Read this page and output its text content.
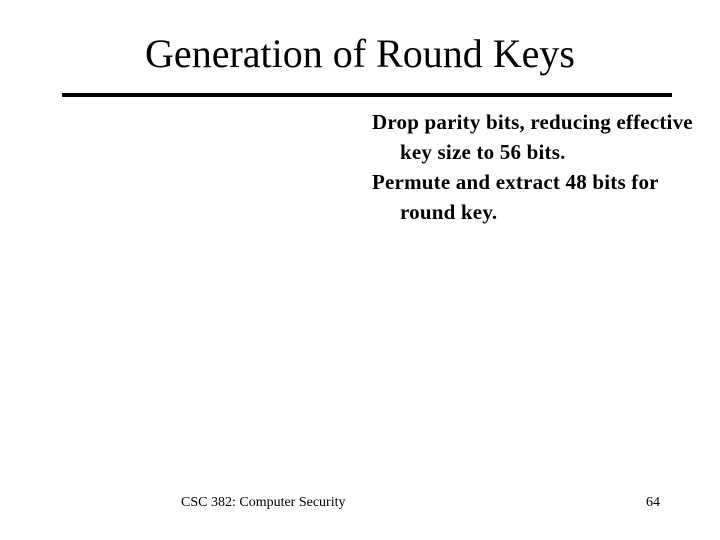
Generation of Round Keys
Drop parity bits, reducing effective key size to 56 bits.
Permute and extract 48 bits for round key.
CSC 382: Computer Security	64
